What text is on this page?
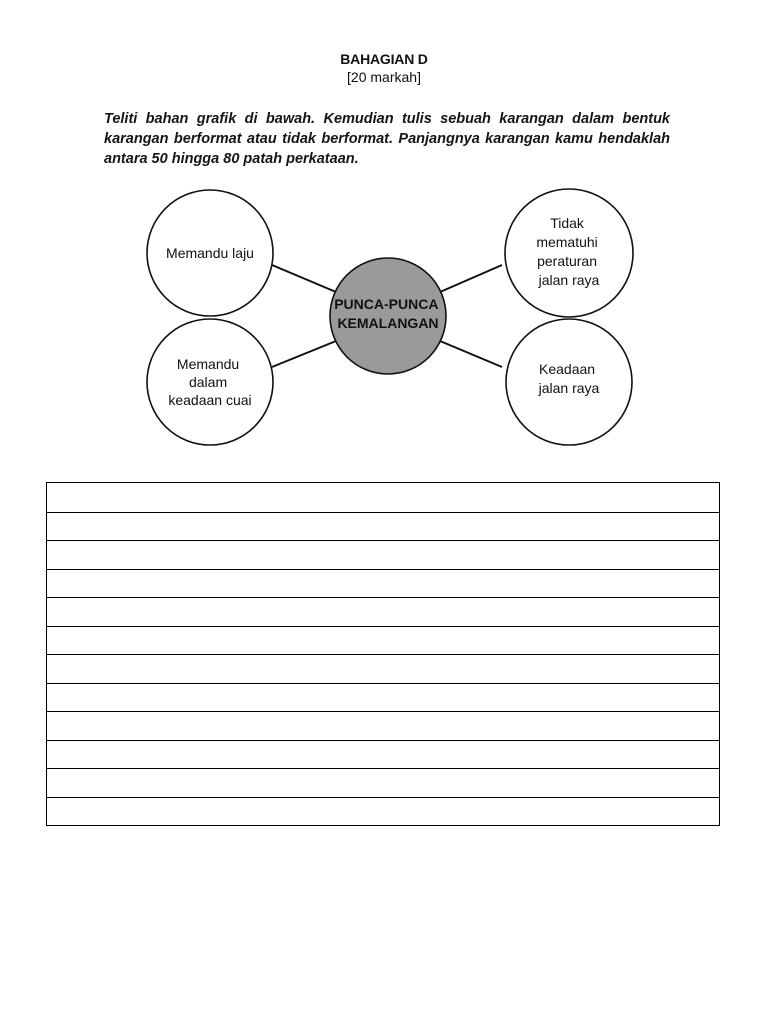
BAHAGIAN D
[20 markah]
Teliti bahan grafik di bawah. Kemudian tulis sebuah karangan dalam bentuk karangan berformat atau tidak berformat. Panjangnya karangan kamu hendaklah antara 50 hingga 80 patah perkataan.
PUNCA-PUNCA KEMALANGAN
Memandu laju
Memandu dalam keadaan cuai
Tidak mematuhi peraturan jalan raya
Keadaan jalan raya
